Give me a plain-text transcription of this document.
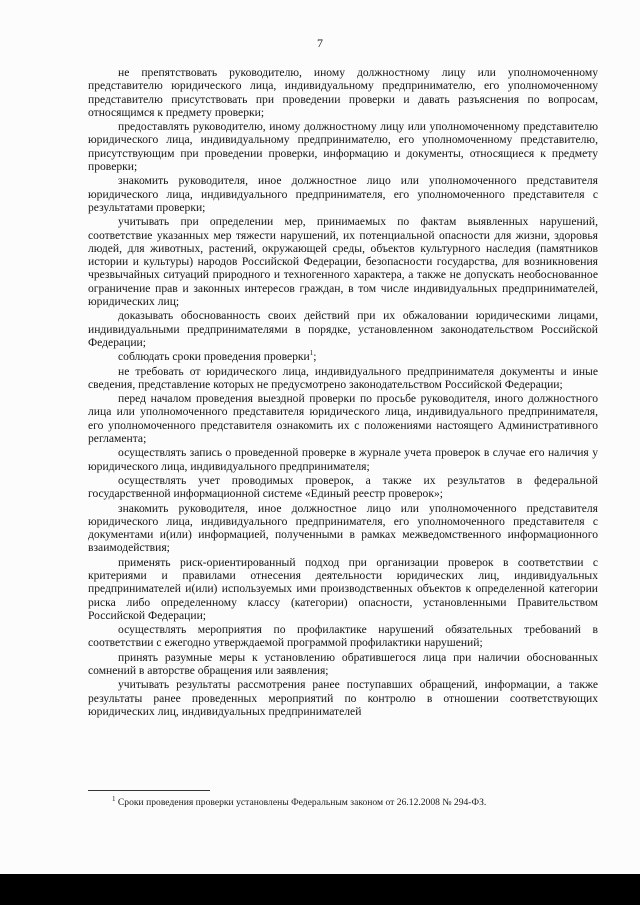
7

не препятствовать руководителю, иному должностному лицу или уполномоченному представителю юридического лица, индивидуальному предпринимателю, его уполномоченному представителю присутствовать при проведении проверки и давать разъяснения по вопросам, относящимся к предмету проверки;

предоставлять руководителю, иному должностному лицу или уполномоченному представителю юридического лица, индивидуальному предпринимателю, его уполномоченному представителю, присутствующим при проведении проверки, информацию и документы, относящиеся к предмету проверки;

знакомить руководителя, иное должностное лицо или уполномоченного представителя юридического лица, индивидуального предпринимателя, его уполномоченного представителя с результатами проверки;

учитывать при определении мер, принимаемых по фактам выявленных нарушений, соответствие указанных мер тяжести нарушений, их потенциальной опасности для жизни, здоровья людей, для животных, растений, окружающей среды, объектов культурного наследия (памятников истории и культуры) народов Российской Федерации, безопасности государства, для возникновения чрезвычайных ситуаций природного и техногенного характера, а также не допускать необоснованное ограничение прав и законных интересов граждан, в том числе индивидуальных предпринимателей, юридических лиц;

доказывать обоснованность своих действий при их обжаловании юридическими лицами, индивидуальными предпринимателями в порядке, установленном законодательством Российской Федерации;

соблюдать сроки проведения проверки$^1$;

не требовать от юридического лица, индивидуального предпринимателя документы и иные сведения, представление которых не предусмотрено законодательством Российской Федерации;

перед началом проведения выездной проверки по просьбе руководителя, иного должностного лица или уполномоченного представителя юридического лица, индивидуального предпринимателя, его уполномоченного представителя ознакомить их с положениями настоящего Административного регламента;

осуществлять запись о проведенной проверке в журнале учета проверок в случае его наличия у юридического лица, индивидуального предпринимателя;

осуществлять учет проводимых проверок, а также их результатов в федеральной государственной информационной системе «Единый реестр проверок»;

знакомить руководителя, иное должностное лицо или уполномоченного представителя юридического лица, индивидуального предпринимателя, его уполномоченного представителя с документами и(или) информацией, полученными в рамках межведомственного информационного взаимодействия;

применять риск-ориентированный подход при организации проверок в соответствии с критериями и правилами отнесения деятельности юридических лиц, индивидуальных предпринимателей и(или) используемых ими производственных объектов к определенной категории риска либо определенному классу (категории) опасности, установленными Правительством Российской Федерации;

осуществлять мероприятия по профилактике нарушений обязательных требований в соответствии с ежегодно утверждаемой программой профилактики нарушений;

принять разумные меры к установлению обратившегося лица при наличии обоснованных сомнений в авторстве обращения или заявления;

учитывать результаты рассмотрения ранее поступавших обращений, информации, а также результаты ранее проведенных мероприятий по контролю в отношении соответствующих юридических лиц, индивидуальных предпринимателей

$^1$ Сроки проведения проверки установлены Федеральным законом от 26.12.2008 № 294-ФЗ.
